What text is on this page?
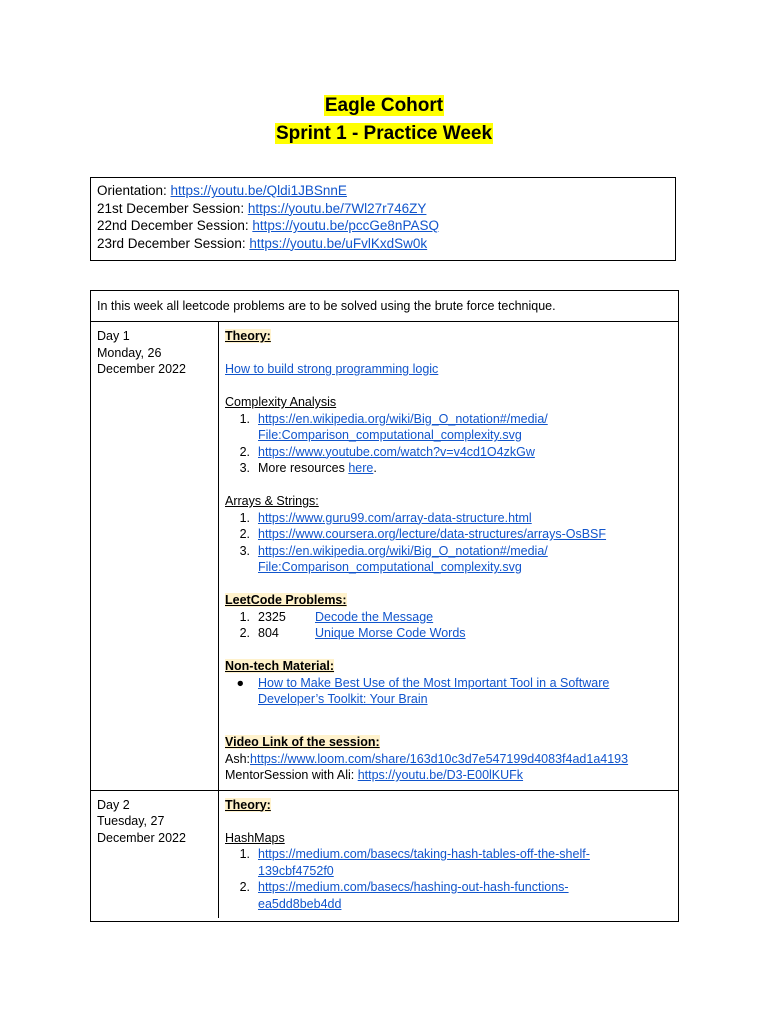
Eagle Cohort
Sprint 1 - Practice Week
Orientation: https://youtu.be/Qldi1JBSnnE
21st December Session: https://youtu.be/7Wl27r746ZY
22nd December Session: https://youtu.be/pccGe8nPASQ
23rd December Session: https://youtu.be/uFvlKxdSw0k
In this week all leetcode problems are to be solved using the brute force technique.
Day 1
Monday, 26
December 2022
Theory:
How to build strong programming logic
Complexity Analysis
1. https://en.wikipedia.org/wiki/Big_O_notation#/media/
File:Comparison_computational_complexity.svg
2. https://www.youtube.com/watch?v=v4cd1O4zkGw
3. More resources here.
Arrays & Strings:
1. https://www.guru99.com/array-data-structure.html
2. https://www.coursera.org/lecture/data-structures/arrays-OsBSF
3. https://en.wikipedia.org/wiki/Big_O_notation#/media/
File:Comparison_computational_complexity.svg
LeetCode Problems:
1. 2325 Decode the Message
2. 804	Unique Morse Code Words
Non-tech Material:
●	How to Make Best Use of the Most Important Tool in a Software
Developer’s Toolkit: Your Brain
Video Link of the session:
Ash:https://www.loom.com/share/163d10c3d7e547199d4083f4ad1a4193
MentorSession with Ali: https://youtu.be/D3-E00lKUFk
Day 2
Tuesday, 27
December 2022
Theory:
HashMaps
1. https://medium.com/basecs/taking-hash-tables-off-the-shelf-
139cbf4752f0
2. https://medium.com/basecs/hashing-out-hash-functions-
ea5dd8beb4dd
